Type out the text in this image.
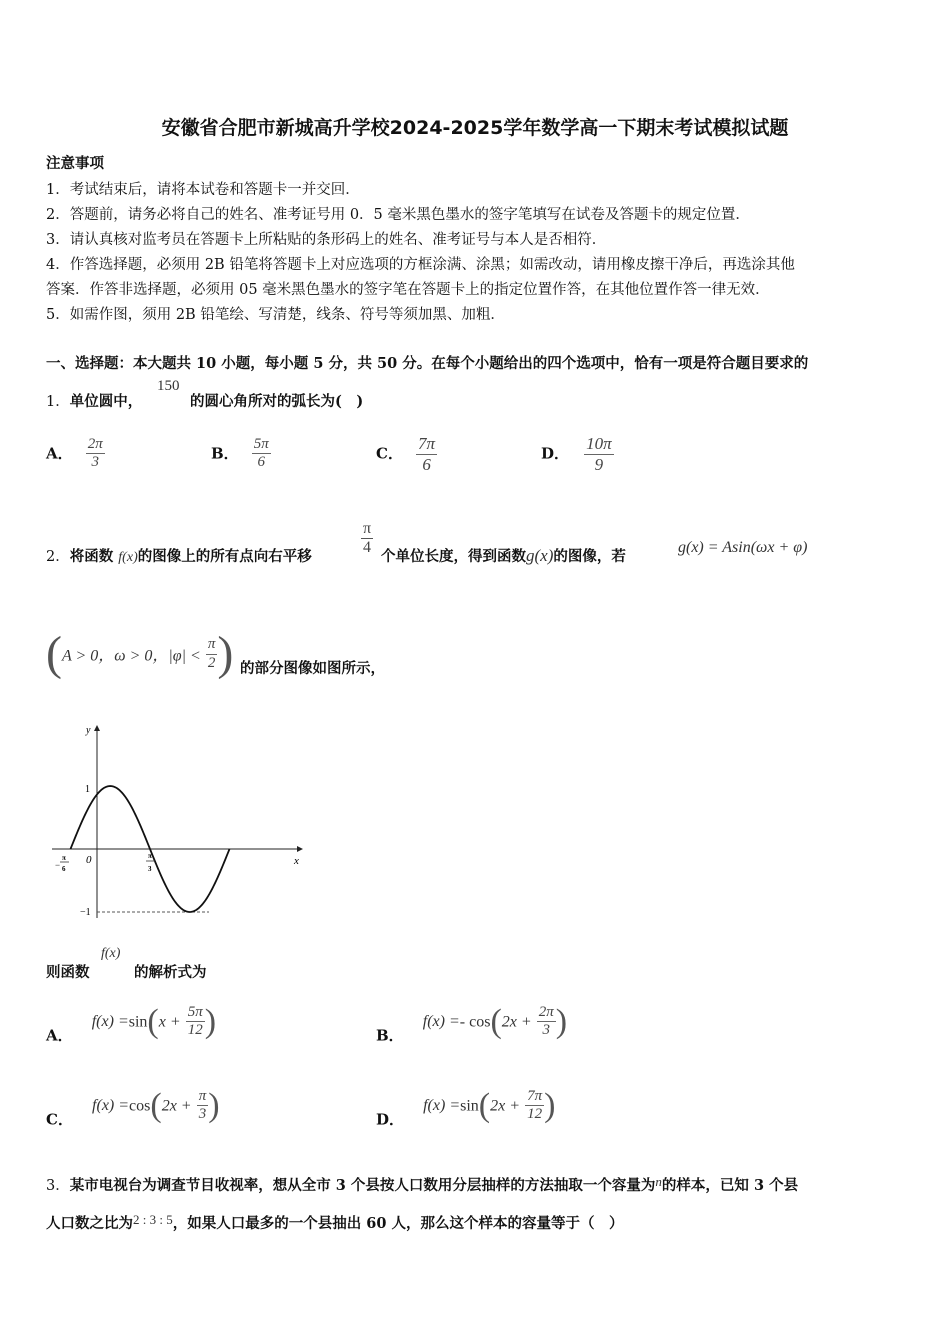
安徽省合肥市新城高升学校2024-2025学年数学高一下期末考试模拟试题
注意事项
1．考试结束后，请将本试卷和答题卡一并交回．
2．答题前，请务必将自己的姓名、准考证号用 0．5 毫米黑色墨水的签字笔填写在试卷及答题卡的规定位置．
3．请认真核对监考员在答题卡上所粘贴的条形码上的姓名、准考证号与本人是否相符．
4．作答选择题，必须用 2B 铅笔将答题卡上对应选项的方框涂满、涂黑；如需改动，请用橡皮擦干净后，再选涂其他
答案．作答非选择题，必须用 05 毫米黑色墨水的签字笔在答题卡上的指定位置作答，在其他位置作答一律无效．
5．如需作图，须用 2B 铅笔绘、写清楚，线条、符号等须加黑、加粗．
一、选择题：本大题共 10 小题，每小题 5 分，共 50 分。在每个小题给出的四个选项中，恰有一项是符合题目要求的
1．单位圆中，
150
的圆心角所对的弧长为(　)
A． $\frac{2\pi}{3}$	B． $\frac{5\pi}{6}$	C． $\frac{7\pi}{6}$	D． $\frac{10\pi}{9}$
2．将函数 f(x)的图像上的所有点向右平移	$\frac{\pi}{4}$ 个单位长度，得到函数g(x)的图像，若
g(x) = Asin(ωx + φ)
(A > 0，ω > 0，$|\varphi| < \frac{\pi}{2}$ ) 的部分图像如图所示，
y
x
0
1
−1
−
π
6
π
3
则函数
f(x)
的解析式为
A． $f(x) =\sin(x + \frac{5\pi}{12}$ )	B． $f(x) =- \cos(2x + \frac{2\pi}{3}$ )
C． $f(x) =\cos(2x + \frac{\pi}{3}$ )	D． $f(x) =\sin(2x + \frac{7\pi}{12}$ )
3．某市电视台为调查节目收视率，想从全市 3 个县按人口数用分层抽样的方法抽取一个容量为n的样本，已知 3 个县
人口数之比为2 : 3 : 5，如果人口最多的一个县抽出 60 人，那么这个样本的容量等于（　）
